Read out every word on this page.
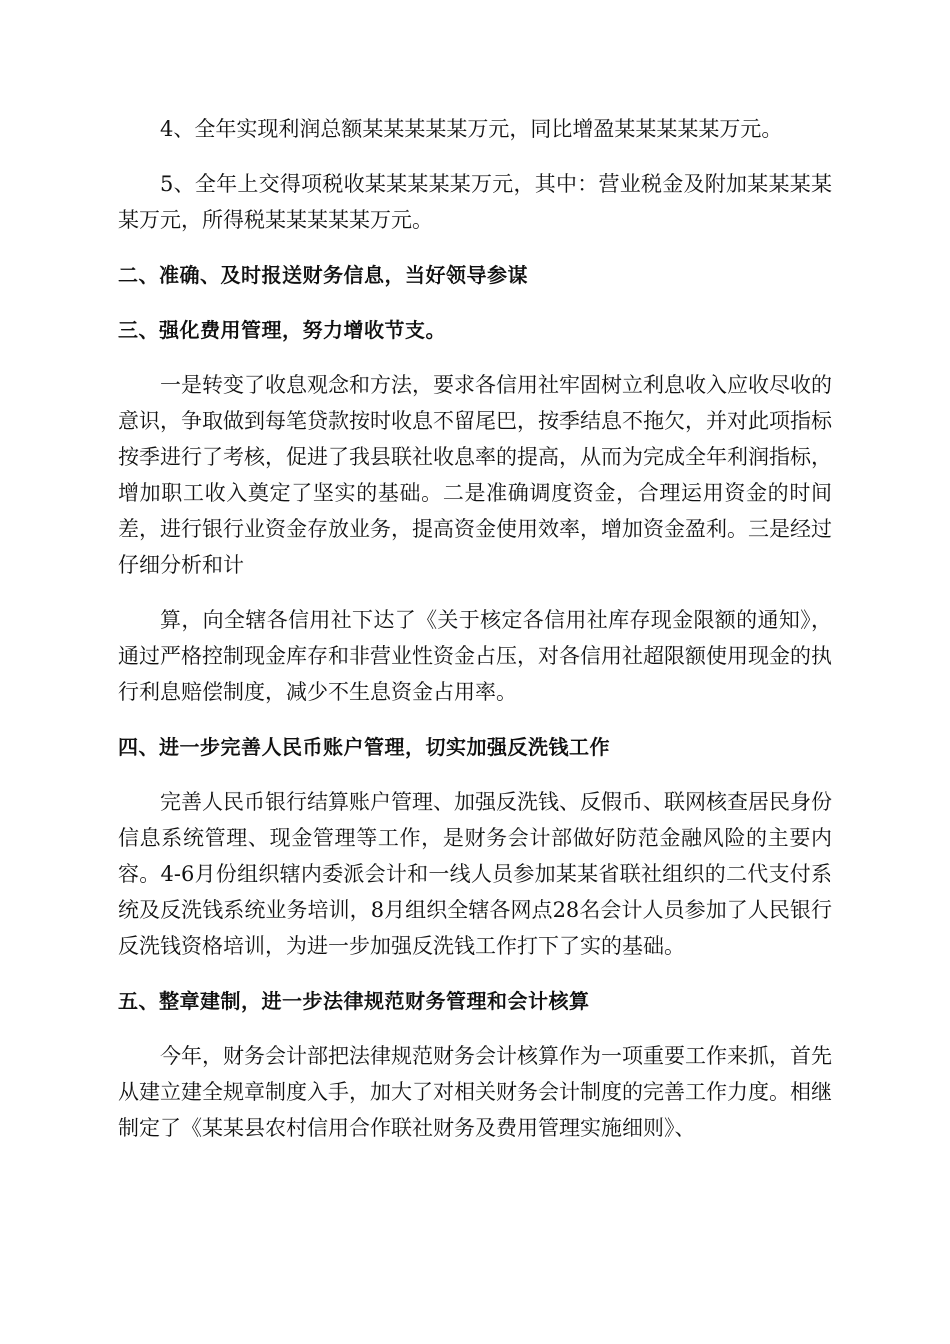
4、全年实现利润总额某某某某某万元，同比增盈某某某某某万元。

5、全年上交得项税收某某某某某万元，其中：营业税金及附加某某某某某万元，所得税某某某某某万元。

二、准确、及时报送财务信息，当好领导参谋

三、强化费用管理，努力增收节支。

一是转变了收息观念和方法，要求各信用社牢固树立利息收入应收尽收的意识，争取做到每笔贷款按时收息不留尾巴，按季结息不拖欠，并对此项指标按季进行了考核，促进了我县联社收息率的提高，从而为完成全年利润指标，增加职工收入奠定了坚实的基础。二是准确调度资金，合理运用资金的时间差，进行银行业资金存放业务，提高资金使用效率，增加资金盈利。三是经过仔细分析和计

算，向全辖各信用社下达了《关于核定各信用社库存现金限额的通知》，通过严格控制现金库存和非营业性资金占压，对各信用社超限额使用现金的执行利息赔偿制度，减少不生息资金占用率。

四、进一步完善人民币账户管理，切实加强反洗钱工作

完善人民币银行结算账户管理、加强反洗钱、反假币、联网核查居民身份信息系统管理、现金管理等工作，是财务会计部做好防范金融风险的主要内容。4-6月份组织辖内委派会计和一线人员参加某某省联社组织的二代支付系统及反洗钱系统业务培训，8月组织全辖各网点28名会计人员参加了人民银行反洗钱资格培训，为进一步加强反洗钱工作打下了实的基础。

五、整章建制，进一步法律规范财务管理和会计核算

今年，财务会计部把法律规范财务会计核算作为一项重要工作来抓，首先从建立建全规章制度入手，加大了对相关财务会计制度的完善工作力度。相继制定了《某某县农村信用合作联社财务及费用管理实施细则》、
